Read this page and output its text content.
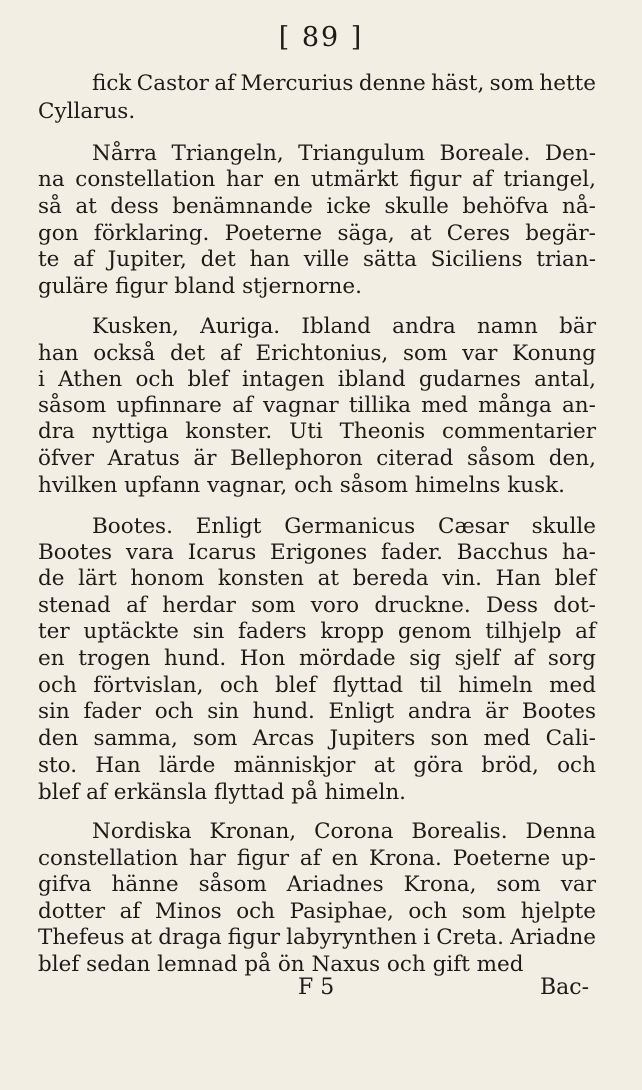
[ 89 ]
fick Castor af Mercurius denne häst, som hette
Cyllarus.
Nårra Triangeln, Triangulum Boreale. Den-
na constellation har en utmärkt figur af triangel,
så at dess benämnande icke skulle behöfva nå-
gon förklaring. Poeterne säga, at Ceres begär-
te af Jupiter, det han ville sätta Siciliens trian-
guläre figur bland stjernorne.
Kusken, Auriga. Ibland andra namn bär
han också det af Erichtonius, som var Konung
i Athen och blef intagen ibland gudarnes antal,
såsom upfinnare af vagnar tillika med många an-
dra nyttiga konster. Uti Theonis commentarier
öfver Aratus är Bellephoron citerad såsom den,
hvilken upfann vagnar, och såsom himelns kusk.
Bootes. Enligt Germanicus Cæsar skulle
Bootes vara Icarus Erigones fader. Bacchus ha-
de lärt honom konsten at bereda vin. Han blef
stenad af herdar som voro druckne. Dess dot-
ter uptäckte sin faders kropp genom tilhjelp af
en trogen hund. Hon mördade sig sjelf af sorg
och förtvislan, och blef flyttad til himeln med
sin fader och sin hund. Enligt andra är Bootes
den samma, som Arcas Jupiters son med Cali-
sto. Han lärde människjor at göra bröd, och
blef af erkänsla flyttad på himeln.
Nordiska Kronan, Corona Borealis. Denna
constellation har figur af en Krona. Poeterne up-
gifva hänne såsom Ariadnes Krona, som var
dotter af Minos och Pasiphae, och som hjelpte
Thefeus at draga figur labyrynthen i Creta. Ariadne
blef sedan lemnad på ön Naxus och gift med
F 5	Bac-
